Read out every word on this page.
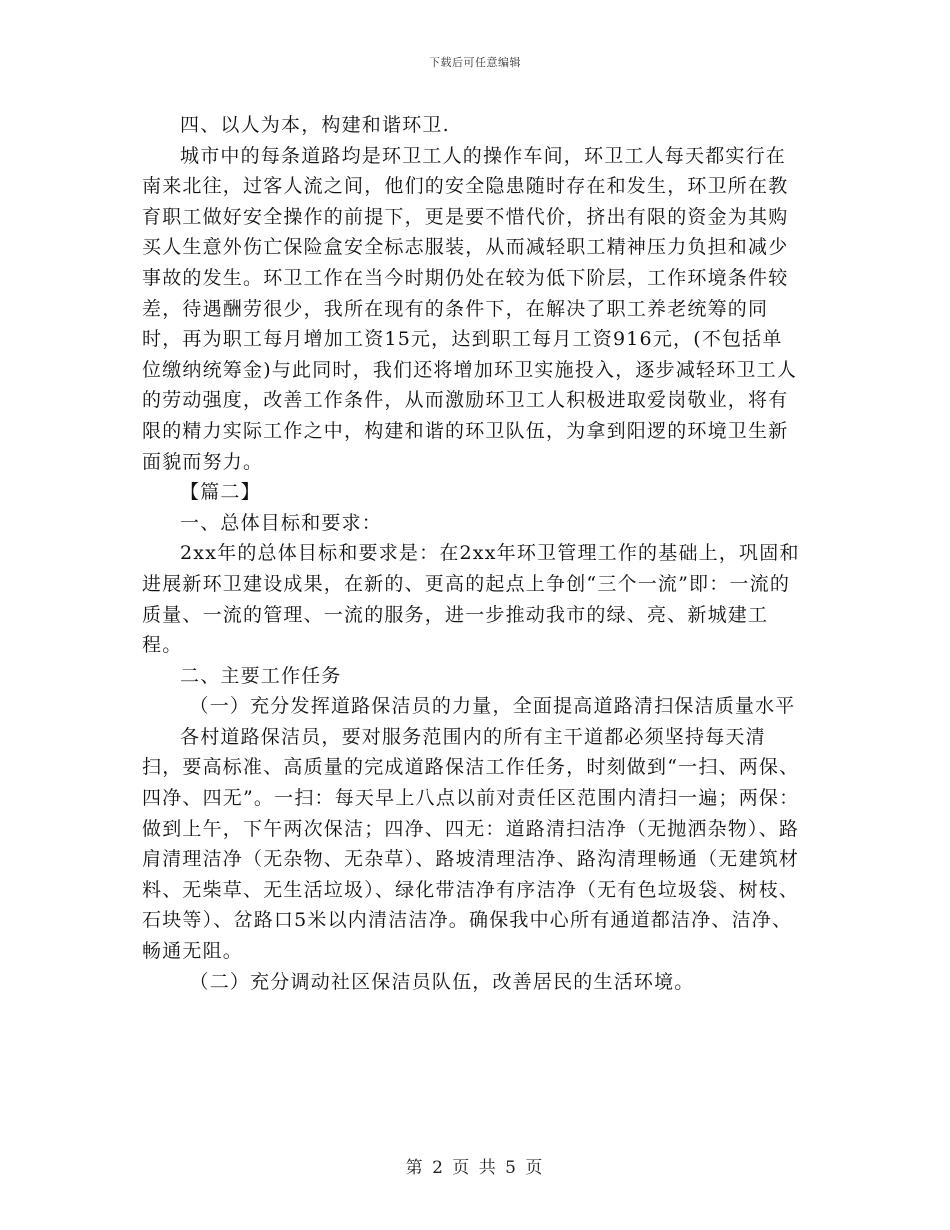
下载后可任意编辑

四、以人为本，构建和谐环卫.

城市中的每条道路均是环卫工人的操作车间，环卫工人每天都实行在南来北往，过客人流之间，他们的安全隐患随时存在和发生，环卫所在教育职工做好安全操作的前提下，更是要不惜代价，挤出有限的资金为其购买人生意外伤亡保险盒安全标志服装，从而减轻职工精神压力负担和减少事故的发生。环卫工作在当今时期仍处在较为低下阶层，工作环境条件较差，待遇酬劳很少，我所在现有的条件下，在解决了职工养老统筹的同时，再为职工每月增加工资15元，达到职工每月工资916元，(不包括单位缴纳统筹金)与此同时，我们还将增加环卫实施投入，逐步减轻环卫工人的劳动强度，改善工作条件，从而激励环卫工人积极进取爱岗敬业，将有限的精力实际工作之中，构建和谐的环卫队伍，为拿到阳逻的环境卫生新面貌而努力。

【篇二】

一、总体目标和要求：

2xx年的总体目标和要求是：在2xx年环卫管理工作的基础上，巩固和进展新环卫建设成果，在新的、更高的起点上争创“三个一流”即：一流的质量、一流的管理、一流的服务，进一步推动我市的绿、亮、新城建工程。

二、主要工作任务

（一）充分发挥道路保洁员的力量，全面提高道路清扫保洁质量水平

各村道路保洁员，要对服务范围内的所有主干道都必须坚持每天清扫，要高标准、高质量的完成道路保洁工作任务，时刻做到“一扫、两保、四净、四无”。一扫：每天早上八点以前对责任区范围内清扫一遍；两保：做到上午，下午两次保洁；四净、四无：道路清扫洁净（无抛洒杂物）、路肩清理洁净（无杂物、无杂草）、路坡清理洁净、路沟清理畅通（无建筑材料、无柴草、无生活垃圾）、绿化带洁净有序洁净（无有色垃圾袋、树枝、石块等）、岔路口5米以内清洁洁净。确保我中心所有通道都洁净、洁净、畅通无阻。

（二）充分调动社区保洁员队伍，改善居民的生活环境。

第 2 页 共 5 页
